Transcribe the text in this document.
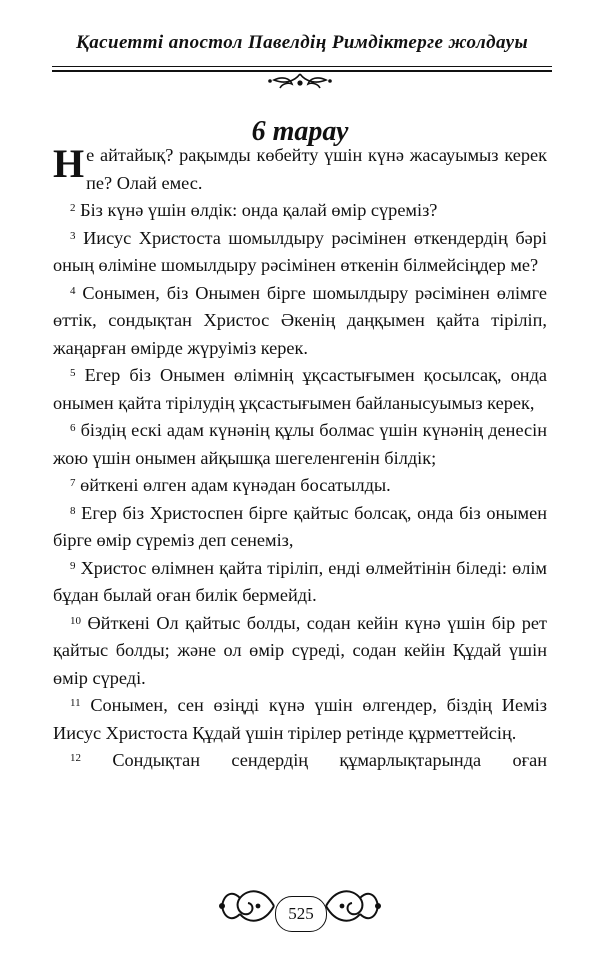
Қасиетті апостол Павелдің Римдіктерге жолдауы
6 тарау

Не айтайық? рақымды көбейту үшін күнә жасауымыз керек пе? Олай емес.

$^2$ Біз күнә үшін өлдік: онда қалай өмір сүреміз?

$^3$ Иисус Христоста шомылдыру рәсімінен өткендердің бәрі оның өліміне шомылдыру рәсімінен өткенін білмейсіңдер ме?

$^4$ Сонымен, біз Онымен бірге шомылдыру рәсімінен өлімге өттік, сондықтан Христос Әкенің даңқымен қайта тіріліп, жаңарған өмірде жүруіміз керек.

$^5$ Егер біз Онымен өлімнің ұқсастығымен қосылсақ, онда онымен қайта тірілудің ұқсастығымен байланысуымыз керек,

$^6$ біздің ескі адам күнәнің құлы болмас үшін күнәнің денесін жою үшін онымен айқышқа шегеленгенін білдік;

$^7$ өйткені өлген адам күнәдан босатылды.

$^8$ Егер біз Христоспен бірге қайтыс болсақ, онда біз онымен бірге өмір сүреміз деп сенеміз,

$^9$ Христос өлімнен қайта тіріліп, енді өлмейтінін біледі: өлім бұдан былай оған билік бермейді.

$^{10}$ Өйткені Ол қайтыс болды, содан кейін күнә үшін бір рет қайтыс болды; және ол өмір сүреді, содан кейін Құдай үшін өмір сүреді.

$^{11}$ Сонымен, сен өзіңді күнә үшін өлгендер, біздің Иеміз Иисус Христоста Құдай үшін тірілер ретінде құрметтейсің.

$^{12}$ Сондықтан сендердің құмарлықтарында оған

525
